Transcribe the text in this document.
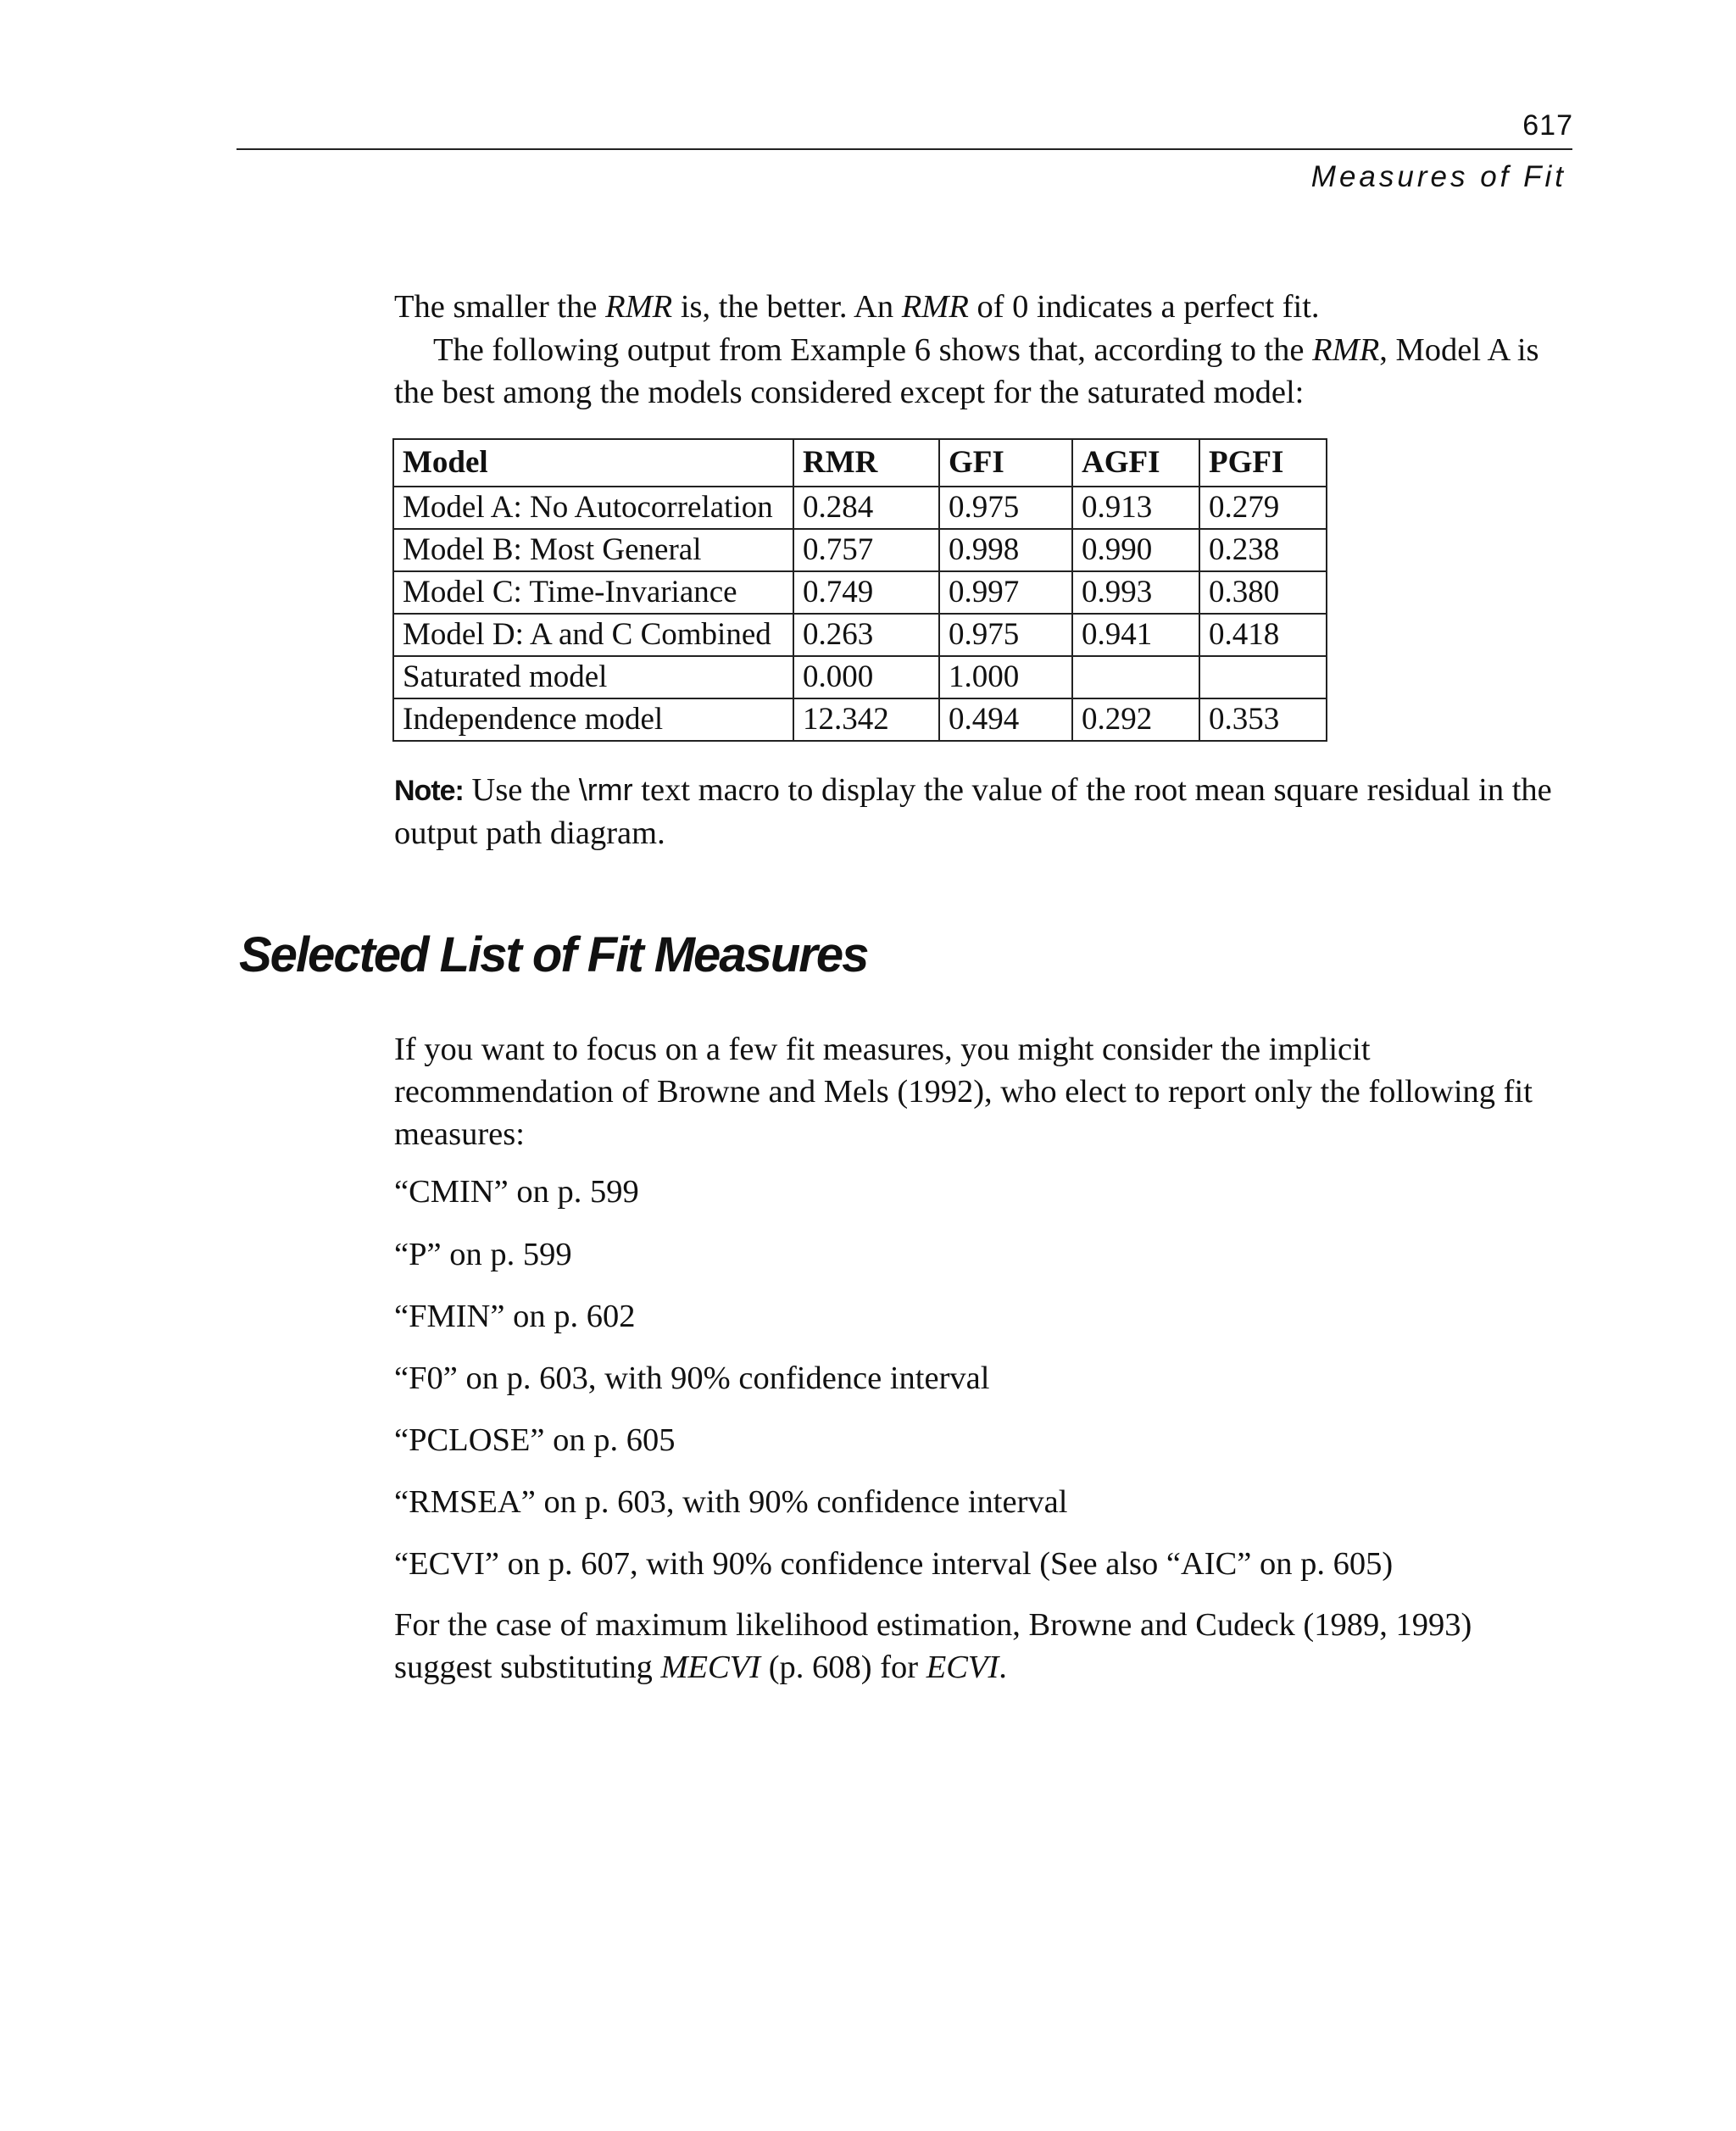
617
Measures of Fit

The smaller the RMR is, the better. An RMR of 0 indicates a perfect fit.

The following output from Example 6 shows that, according to the RMR, Model A is the best among the models considered except for the saturated model:

Model	RMR	GFI	AGFI	PGFI
Model A: No Autocorrelation	0.284	0.975	0.913	0.279
Model B: Most General	0.757	0.998	0.990	0.238
Model C: Time-Invariance	0.749	0.997	0.993	0.380
Model D: A and C Combined	0.263	0.975	0.941	0.418
Saturated model	0.000	1.000		
Independence model	12.342	0.494	0.292	0.353

Note: Use the \rmr text macro to display the value of the root mean square residual in the output path diagram.

Selected List of Fit Measures

If you want to focus on a few fit measures, you might consider the implicit recommendation of Browne and Mels (1992), who elect to report only the following fit measures:

“CMIN” on p. 599
“P” on p. 599
“FMIN” on p. 602
“F0” on p. 603, with 90% confidence interval
“PCLOSE” on p. 605
“RMSEA” on p. 603, with 90% confidence interval
“ECVI” on p. 607, with 90% confidence interval (See also “AIC” on p. 605)

For the case of maximum likelihood estimation, Browne and Cudeck (1989, 1993) suggest substituting MECVI (p. 608) for ECVI.
